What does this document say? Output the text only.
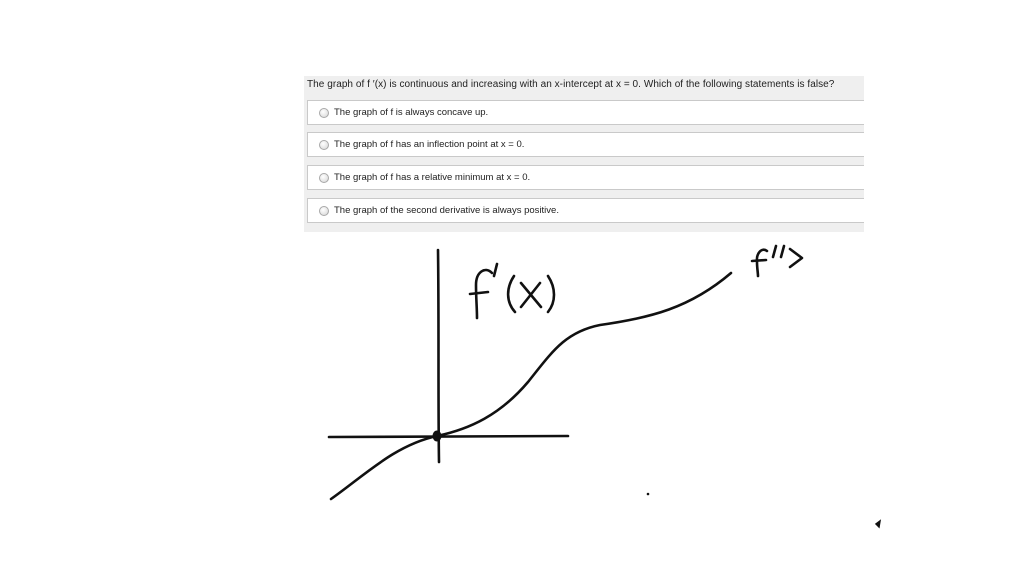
The graph of f ′(x) is continuous and increasing with an x-intercept at x = 0. Which of the following statements is false?
The graph of f is always concave up.
The graph of f has an inflection point at x = 0.
The graph of f has a relative minimum at x = 0.
The graph of the second derivative is always positive.
